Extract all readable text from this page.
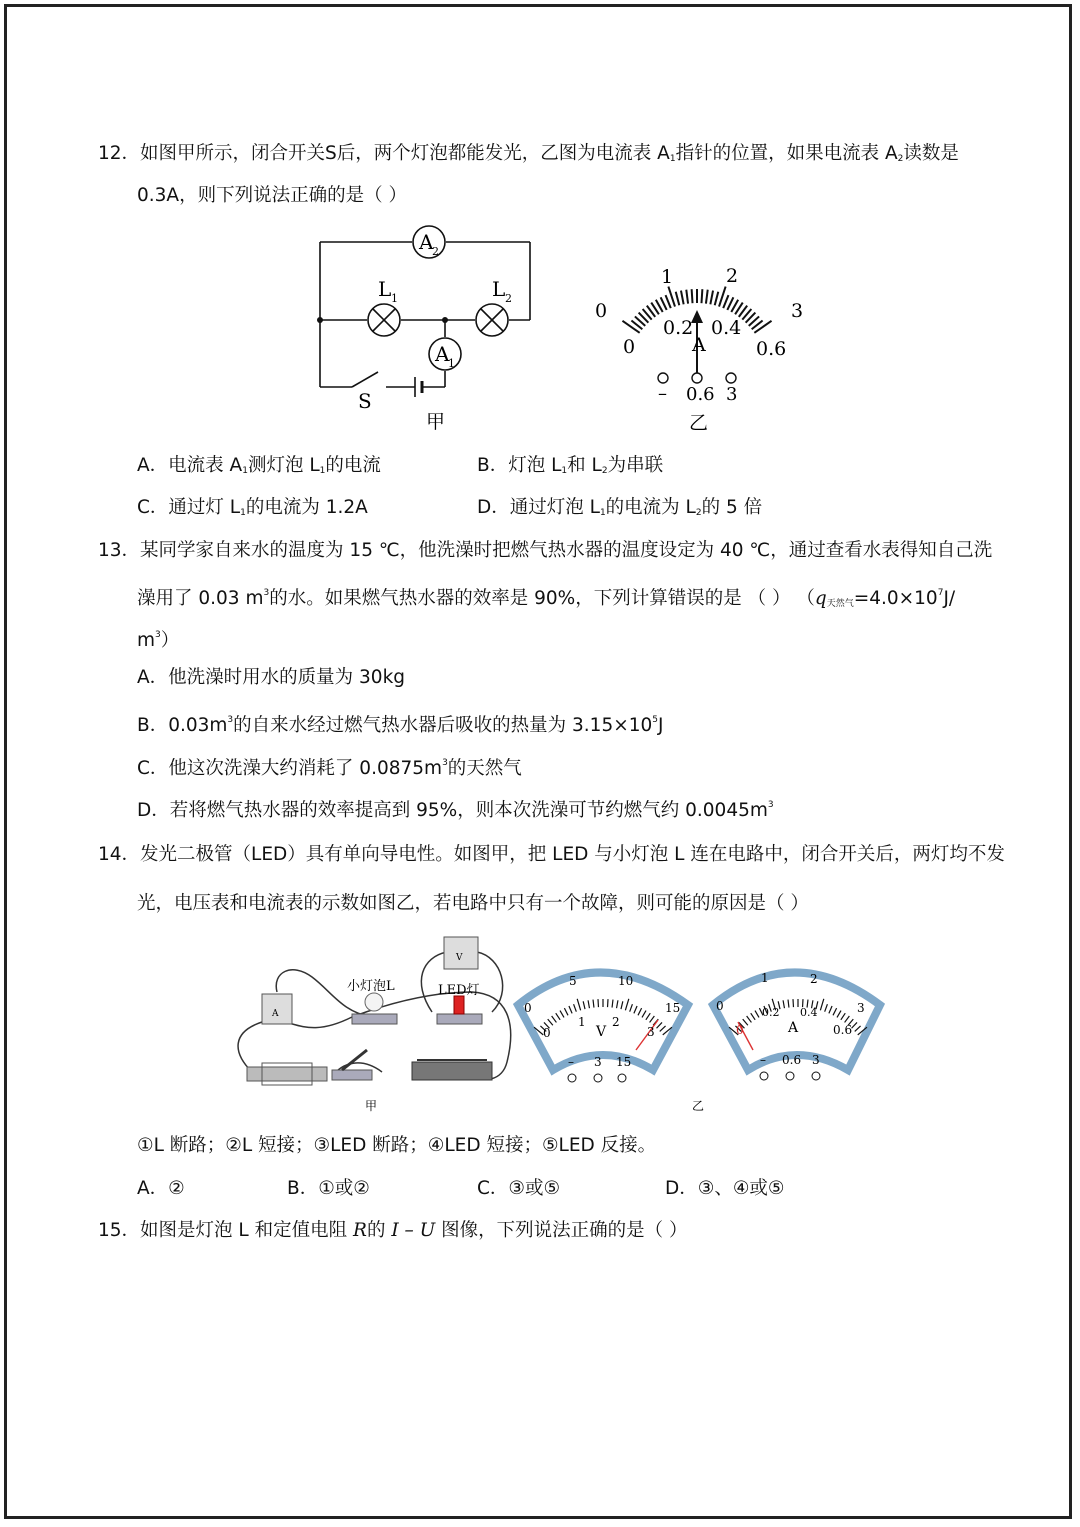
12．如图甲所示，闭合开关S后，两个灯泡都能发光，乙图为电流表 $A_1$指针的位置，如果电流表 $A_2$读数是
0.3A，则下列说法正确的是（ ）
A
2
L 1	L 2
A
1
S
甲
0
1	2
3
0
0.2 0.4
0.6
A
– 0.6 3
乙
A．电流表 $A_1$测灯泡 $L_1$的电流	B．灯泡 $L_1$和 $L_2$为串联
C．通过灯 $L_1$的电流为 1.2A	D．通过灯泡 $L_1$的电流为 $L_2$的 5 倍
13．某同学家自来水的温度为 15 ℃，他洗澡时把燃气热水器的温度设定为 40 ℃，通过查看水表得知自己洗
澡用了 0.03 $m^3$的水。如果燃气热水器的效率是 90%，下列计算错误的是 （ ） （$q_{天然气}=4.0\times 10^7J/$
$m^3$）
A．他洗澡时用水的质量为 30kg
B．$0.03m^3$的自来水经过燃气热水器后吸收的热量为 $3.15\times 10^5J$
C．他这次洗澡大约消耗了 $0.0875m^3$的天然气
D．若将燃气热水器的效率提高到 95%，则本次洗澡可节约燃气约 $0.0045m^3$
14．发光二极管（LED）具有单向导电性。如图甲，把 LED 与小灯泡 L 连在电路中，闭合开关后，两灯均不发
光，电压表和电流表的示数如图乙，若电路中只有一个故障，则可能的原因是（ ）
A
V
小灯泡L	LED灯
甲
0
5	10
15
0
1 2
3
V
– 3 15
0
1	2
3
0
0.2 0.4
0.6
A
– 0.6 3
乙
①L 断路；②L 短接；③LED 断路；④LED 短接；⑤LED 反接。
A．②	B．①或②	C．③或⑤	D．③、④或⑤
15．如图是灯泡 L 和定值电阻 R的 I – U 图像，下列说法正确的是（ ）
